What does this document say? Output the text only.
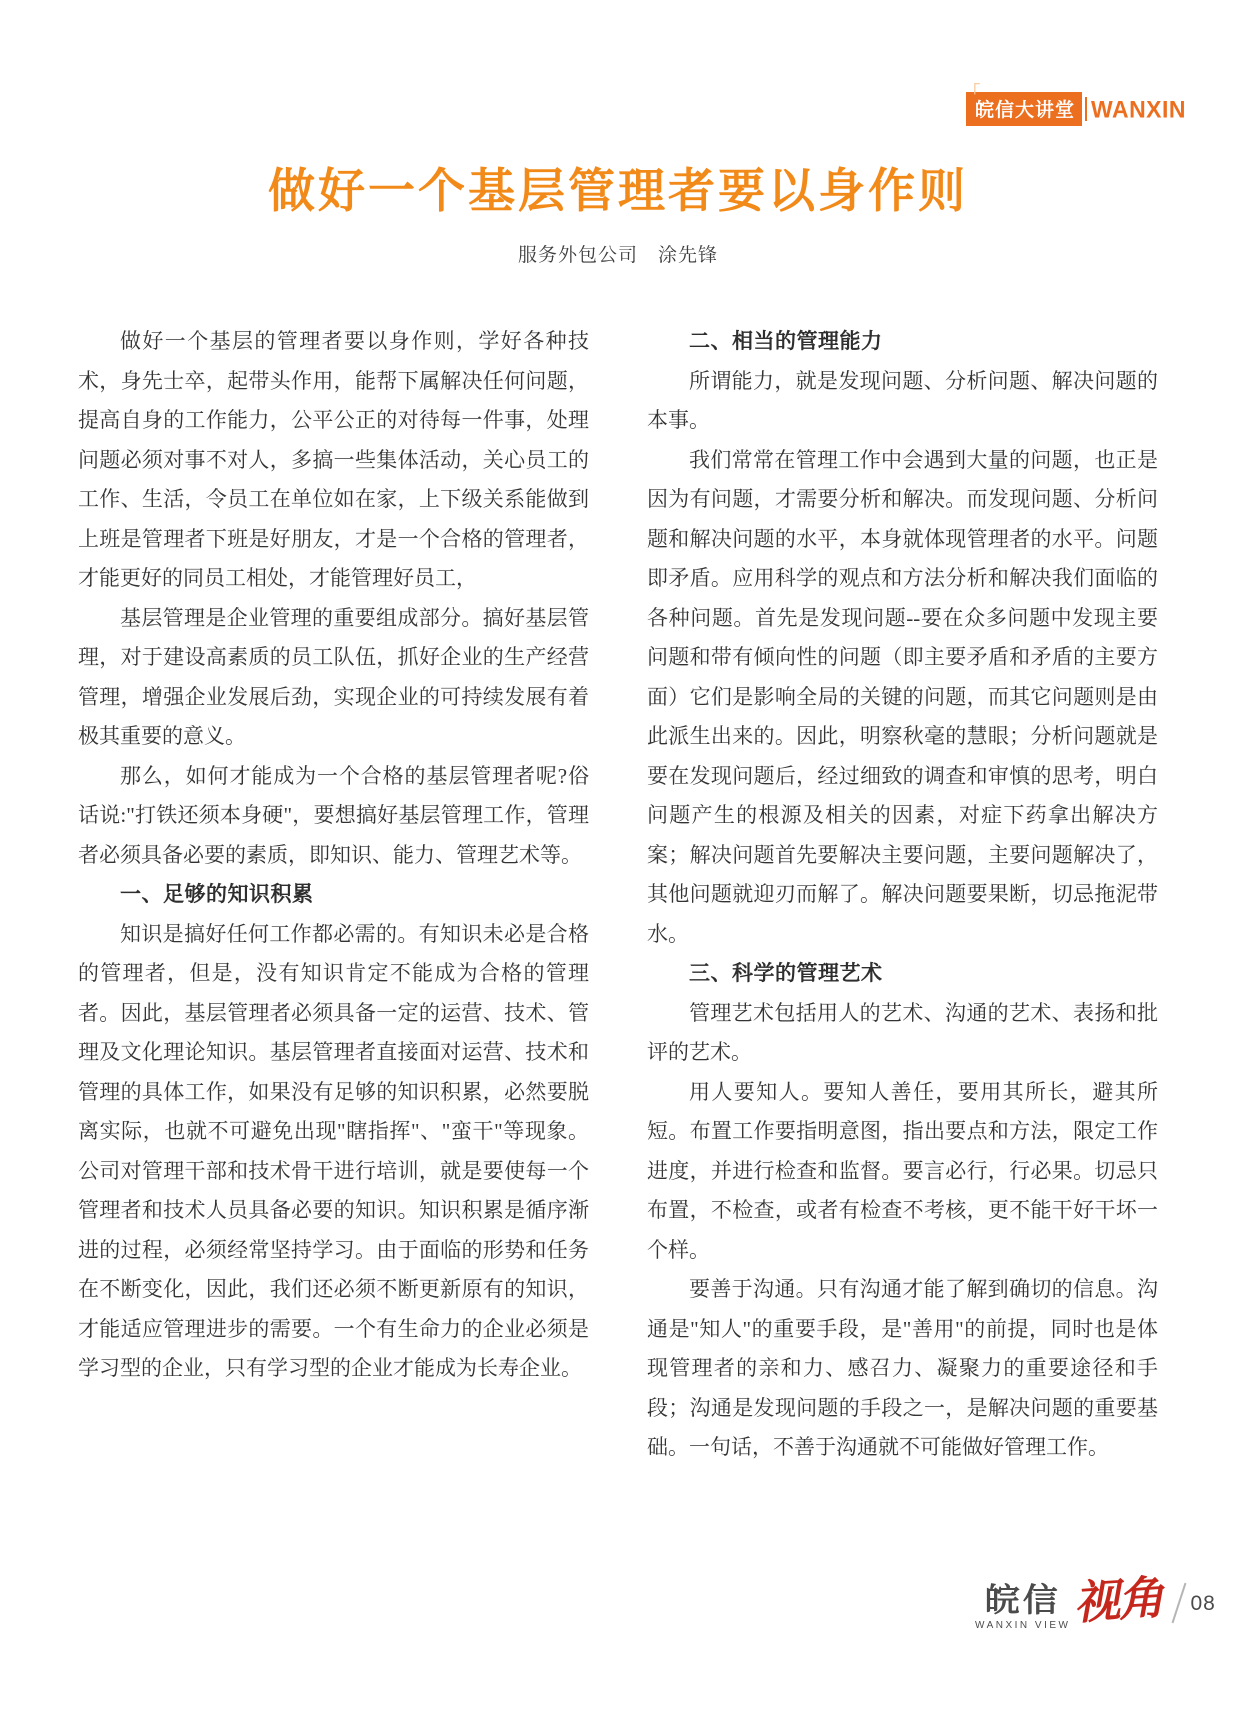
「
皖信大讲堂 WANXIN
做好一个基层管理者要以身作则
服务外包公司　涂先锋

做好一个基层的管理者要以身作则，学好各种技术，身先士卒，起带头作用，能帮下属解决任何问题，提高自身的工作能力，公平公正的对待每一件事，处理问题必须对事不对人，多搞一些集体活动，关心员工的工作、生活，令员工在单位如在家，上下级关系能做到上班是管理者下班是好朋友，才是一个合格的管理者，才能更好的同员工相处，才能管理好员工，

基层管理是企业管理的重要组成部分。搞好基层管理，对于建设高素质的员工队伍，抓好企业的生产经营管理，增强企业发展后劲，实现企业的可持续发展有着极其重要的意义。

那么，如何才能成为一个合格的基层管理者呢?俗话说:"打铁还须本身硬"，要想搞好基层管理工作，管理者必须具备必要的素质，即知识、能力、管理艺术等。

一、足够的知识积累

知识是搞好任何工作都必需的。有知识未必是合格的管理者，但是，没有知识肯定不能成为合格的管理者。因此，基层管理者必须具备一定的运营、技术、管理及文化理论知识。基层管理者直接面对运营、技术和管理的具体工作，如果没有足够的知识积累，必然要脱离实际，也就不可避免出现"瞎指挥"、"蛮干"等现象。公司对管理干部和技术骨干进行培训，就是要使每一个管理者和技术人员具备必要的知识。知识积累是循序渐进的过程，必须经常坚持学习。由于面临的形势和任务在不断变化，因此，我们还必须不断更新原有的知识，才能适应管理进步的需要。一个有生命力的企业必须是学习型的企业，只有学习型的企业才能成为长寿企业。

二、相当的管理能力

所谓能力，就是发现问题、分析问题、解决问题的本事。

我们常常在管理工作中会遇到大量的问题，也正是因为有问题，才需要分析和解决。而发现问题、分析问题和解决问题的水平，本身就体现管理者的水平。问题即矛盾。应用科学的观点和方法分析和解决我们面临的各种问题。首先是发现问题--要在众多问题中发现主要问题和带有倾向性的问题（即主要矛盾和矛盾的主要方面）它们是影响全局的关键的问题，而其它问题则是由此派生出来的。因此，明察秋毫的慧眼；分析问题就是要在发现问题后，经过细致的调查和审慎的思考，明白问题产生的根源及相关的因素，对症下药拿出解决方案；解决问题首先要解决主要问题，主要问题解决了，其他问题就迎刃而解了。解决问题要果断，切忌拖泥带水。

三、科学的管理艺术

管理艺术包括用人的艺术、沟通的艺术、表扬和批评的艺术。

用人要知人。要知人善任，要用其所长，避其所短。布置工作要指明意图，指出要点和方法，限定工作进度，并进行检查和监督。要言必行，行必果。切忌只布置，不检查，或者有检查不考核，更不能干好干坏一个样。

要善于沟通。只有沟通才能了解到确切的信息。沟通是"知人"的重要手段，是"善用"的前提，同时也是体现管理者的亲和力、感召力、凝聚力的重要途径和手段；沟通是发现问题的手段之一，是解决问题的重要基础。一句话，不善于沟通就不可能做好管理工作。

皖信
WANXIN VIEW 视角 08
